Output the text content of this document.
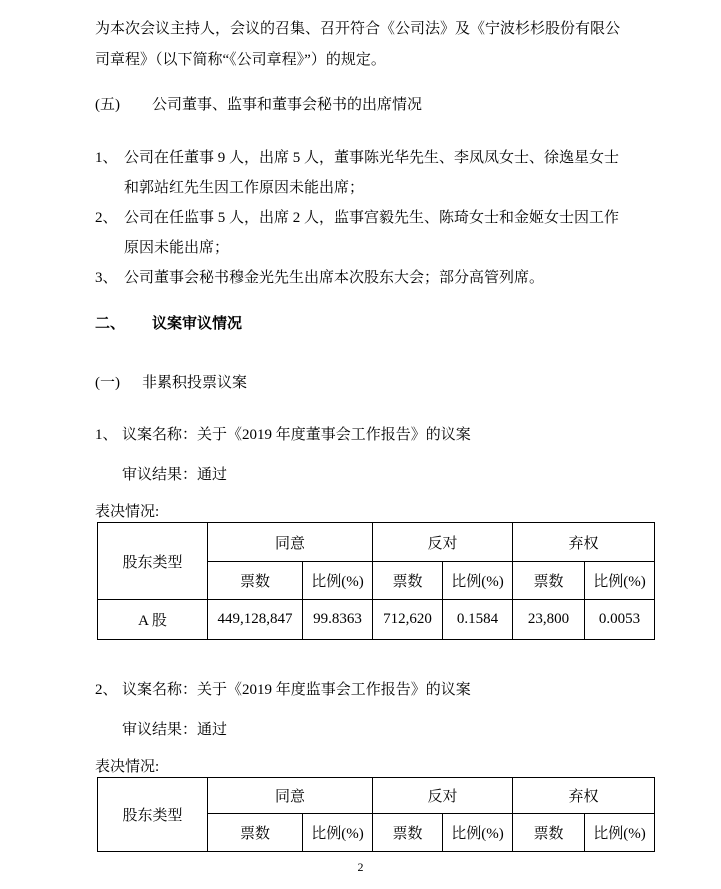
为本次会议主持人，会议的召集、召开符合《公司法》及《宁波杉杉股份有限公
司章程》（以下简称“《公司章程》”）的规定。
(五)	公司董事、监事和董事会秘书的出席情况
1、 公司在任董事 9 人，出席 5 人，董事陈光华先生、李凤凤女士、徐逸星女士
和郭站红先生因工作原因未能出席；
2、 公司在任监事 5 人，出席 2 人，监事宫毅先生、陈琦女士和金姬女士因工作
原因未能出席；
3、 公司董事会秘书穆金光先生出席本次股东大会；部分高管列席。
二、	议案审议情况
(一)	非累积投票议案
1、 议案名称：关于《2019 年度董事会工作报告》的议案
审议结果：通过
表决情况:
股东类型	同意		反对		弃权	
	票数	比例(%)	票数	比例(%)	票数	比例(%)
A 股	449,128,847	99.8363	712,620	0.1584	23,800	0.0053
2、 议案名称：关于《2019 年度监事会工作报告》的议案
审议结果：通过
表决情况:
股东类型	同意		反对		弃权	
	票数	比例(%)	票数	比例(%)	票数	比例(%)
2
